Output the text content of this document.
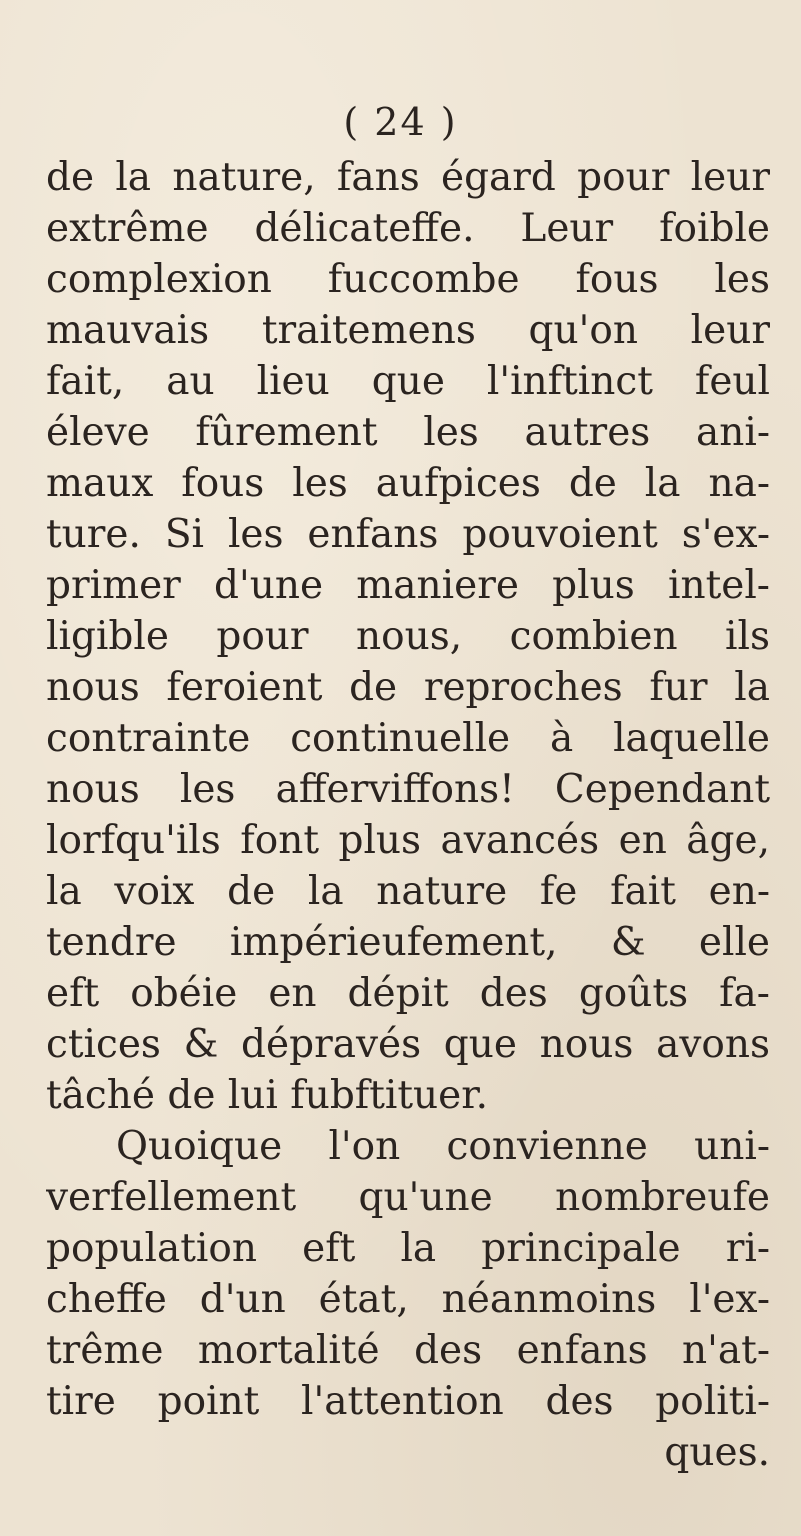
( 24 )
de la nature, fans égard pour leur
extrême délicateffe. Leur foible
complexion fuccombe fous les
mauvais traitemens qu'on leur
fait, au lieu que l'inftinct feul
éleve fûrement les autres ani-
maux fous les aufpices de la na-
ture. Si les enfans pouvoient s'ex-
primer d'une maniere plus intel-
ligible pour nous, combien ils
nous feroient de reproches fur la
contrainte continuelle à laquelle
nous les afferviffons! Cependant
lorfqu'ils font plus avancés en âge,
la voix de la nature fe fait en-
tendre impérieufement, & elle
eft obéie en dépit des goûts fa-
ctices & dépravés que nous avons
tâché de lui fubftituer.
Quoique l'on convienne uni-
verfellement qu'une nombreufe
population eft la principale ri-
cheffe d'un état, néanmoins l'ex-
trême mortalité des enfans n'at-
tire point l'attention des politi-
ques.
